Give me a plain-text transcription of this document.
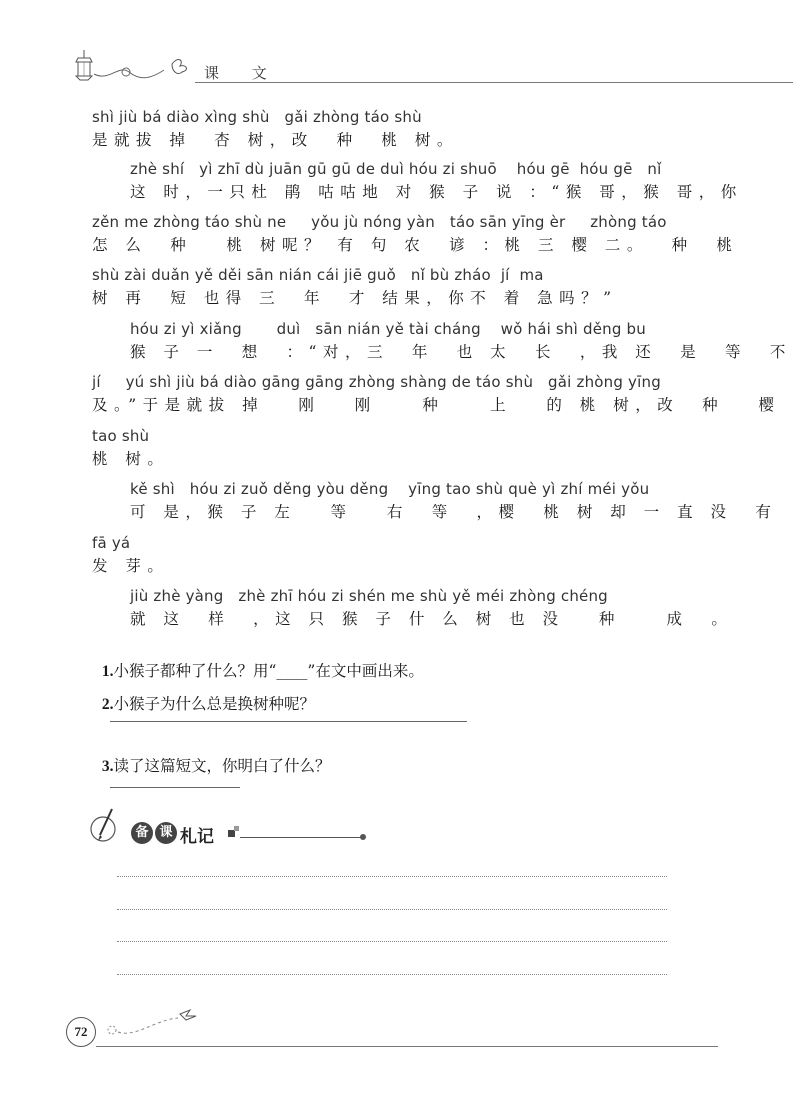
课 文
shì jiù bá diào xìng shù   gǎi zhòng táo shù
是就拔 掉  杏 树，改  种  桃 树。
zhè shí   yì zhī dù juān gū gū de duì hóu zi shuō    hóu gē  hóu gē   nǐ
这 时，一只杜 鹃 咕咕地 对 猴 子 说 ：“猴 哥，猴 哥，你
zěn me zhòng táo shù ne     yǒu jù nóng yàn   táo sān yīng èr     zhòng táo
怎 么  种   桃 树呢？ 有 句 农  谚 ：桃 三 樱 二。  种  桃
shù zài duǎn yě děi sān nián cái jiē guǒ   nǐ bù zháo  jí  ma
树 再  短 也得 三  年  才 结果，你不 着 急吗？”
hóu zi yì xiǎng       duì   sān nián yě tài cháng    wǒ hái shì děng bu
猴 子 一  想  ：“对，三  年  也 太  长  ，我 还  是  等  不
jí     yú shì jiù bá diào gāng gāng zhòng shàng de táo shù   gǎi zhòng yīng
及。”于是就拔 掉   刚   刚    种    上   的 桃 树，改  种   樱
tao shù
桃 树。
kě shì   hóu zi zuǒ děng yòu děng    yīng tao shù què yì zhí méi yǒu
可 是，猴 子 左   等   右  等  ，樱  桃 树 却 一 直 没  有
fā yá
发 芽。
jiù zhè yàng   zhè zhī hóu zi shén me shù yě méi zhòng chéng
就 这  样  ，这 只 猴 子 什 么 树 也 没   种    成  。

1.小猴子都种了什么？用“____”在文中画出来。

2.小猴子为什么总是换树种呢？

3.读了这篇短文，你明白了什么？

备 课 札记
72
